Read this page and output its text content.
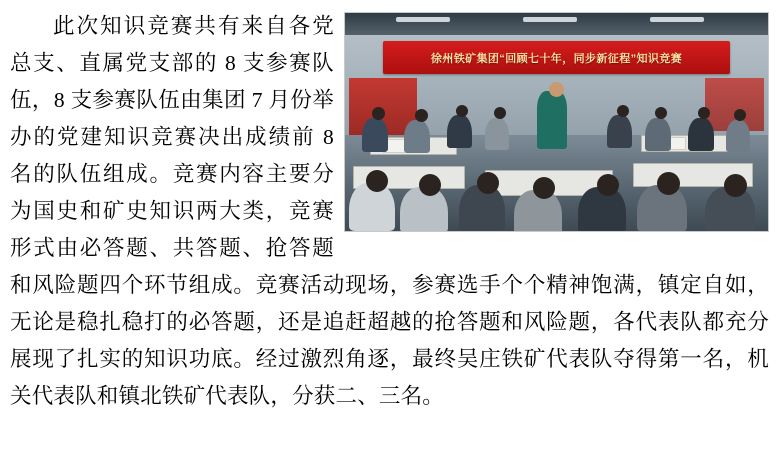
徐州铁矿集团“回顾七十年，同步新征程”知识竞赛

此次知识竞赛共有来自各党总支、直属党支部的 8 支参赛队伍，8 支参赛队伍由集团 7 月份举办的党建知识竞赛决出成绩前 8 名的队伍组成。竞赛内容主要分为国史和矿史知识两大类，竞赛形式由必答题、共答题、抢答题和风险题四个环节组成。竞赛活动现场，参赛选手个个精神饱满，镇定自如，无论是稳扎稳打的必答题，还是追赶超越的抢答题和风险题，各代表队都充分展现了扎实的知识功底。经过激烈角逐，最终吴庄铁矿代表队夺得第一名，机关代表队和镇北铁矿代表队，分获二、三名。
